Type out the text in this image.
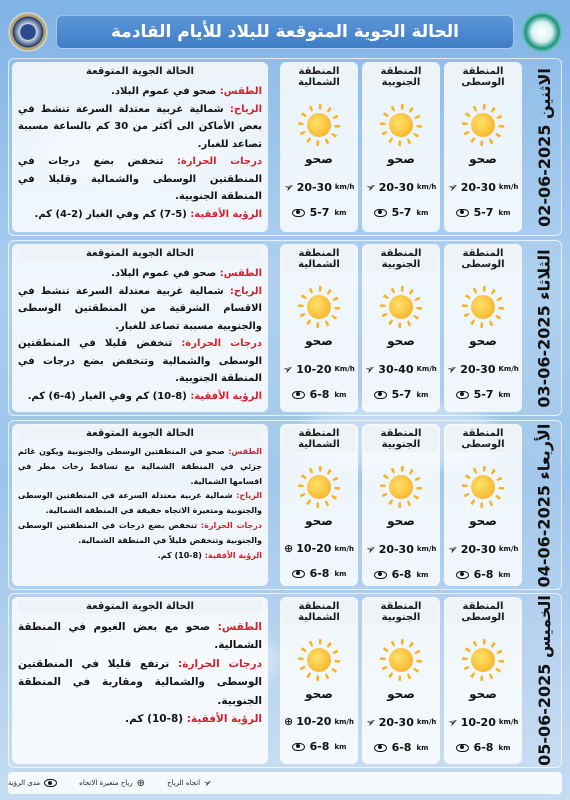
الحالة الجوية المتوقعة للبلاد للأيام القادمة
الاثنين 2025-06-02
المنطقة الوسطى
صحو
➢ 20-30 km/h
5-7 km
المنطقة الجنوبية
صحو
➢ 20-30 km/h
5-7 km
المنطقة الشمالية
صحو
➢ 20-30 km/h
5-7 km
الحالة الجوية المتوقعة

الطقس: صحو في عموم البلاد.

الرياح: شمالية غربية معتدلة السرعة تنشط في بعض الأماكن الى أكثر من 30 كم بالساعة مسببة تصاعد للغبار.

درجات الحرارة: تنخفض بضع درجات في المنطقتين الوسطى والشمالية وقليلا في المنطقة الجنوبية.

الرؤية الأفقية: (5-7) كم وفي الغبار (2-4) كم.

الثلاثاء 2025-06-03
المنطقة الوسطى
صحو
➢ 20-30 Km/h
5-7 km
المنطقة الجنوبية
صحو
➢ 30-40 Km/h
5-7 km
المنطقة الشمالية
صحو
➢ 10-20 Km/h
6-8 km
الحالة الجوية المتوقعة

الطقس: صحو في عموم البلاد.

الرياح: شمالية غربية معتدلة السرعة تنشط في الاقسام الشرقية من المنطقتين الوسطى والجنوبية مسببة تصاعد للغبار.

درجات الحرارة: تنخفض قليلا في المنطقتين الوسطى والشمالية وتنخفض بضع درجات في المنطقة الجنوبية.

الرؤية الأفقية: (8-10) كم وفي الغبار (4-6) كم.

الأربعاء 2025-06-04
المنطقة الوسطى
صحو
➢ 20-30 km/h
6-8 km
المنطقة الجنوبية
صحو
➢ 20-30 km/h
6-8 km
المنطقة الشمالية
صحو
⊕ 10-20 km/h
6-8 km
الحالة الجوية المتوقعة

الطقس: صحو في المنطقتين الوسطى والجنوبية ويكون غائم جزئي في المنطقة الشمالية مع تساقط زخات مطر في اقسامها الشمالية.

الرياح: شمالية غربية معتدلة السرعة في المنطقتين الوسطى والجنوبية ومتغيرة الاتجاه خفيفة في المنطقة الشمالية.

درجات الحرارة: تنخفض بضع درجات في المنطقتين الوسطى والجنوبية وتنخفض قليلاً في المنطقة الشمالية.

الرؤية الأفقية: (8-10) كم.

الخميس 2025-06-05
المنطقة الوسطى
صحو
➢ 10-20 km/h
6-8 km
المنطقة الجنوبية
صحو
➢ 20-30 km/h
6-8 km
المنطقة الشمالية
صحو
⊕ 10-20 km/h
6-8 km
الحالة الجوية المتوقعة

الطقس: صحو مع بعض الغيوم في المنطقة الشمالية.

درجات الحرارة: ترتفع قليلا في المنطقتين الوسطى والشمالية ومقاربة في المنطقة الجنوبية.

الرؤية الأفقية: (8-10) كم.

➢
اتجاه الرياح
⊕
رياح متغيرة الاتجاه
مدى الرؤية
